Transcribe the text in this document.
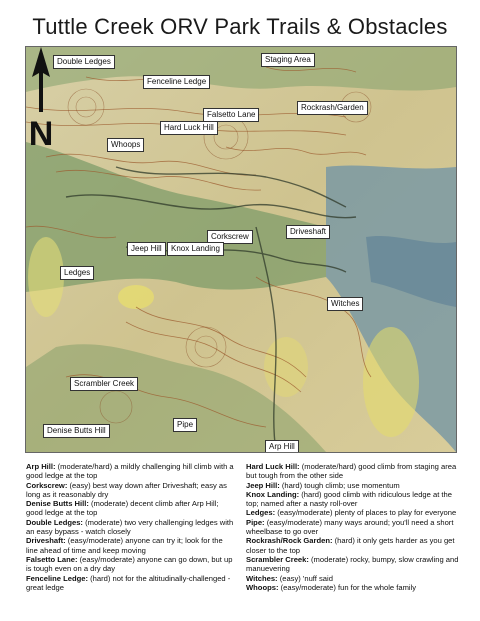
Tuttle Creek ORV Park Trails & Obstacles
N
Double Ledges	Staging Area
Fenceline Ledge
Falsetto Lane
Rockrash/Garden
Hard Luck Hill
Whoops
Corkscrew
Driveshaft
Jeep Hill	Knox Landing
Ledges
Witches
Scrambler Creek
Pipe
Denise Butts Hill
Arp Hill

Arp Hill: (moderate/hard) a mildly challenging hill climb with a good ledge at the top

Corkscrew: (easy) best way down after Driveshaft; easy as long as it reasonably dry

Denise Butts Hill: (moderate) decent climb after Arp Hill; good ledge at the top

Double Ledges: (moderate) two very challenging ledges with an easy bypass - watch closely

Driveshaft: (easy/moderate) anyone can try it; look for the line ahead of time and keep moving

Falsetto Lane: (easy/moderate) anyone can go down, but up is tough even on a dry day

Fenceline Ledge: (hard) not for the altitudinally-challenged - great ledge

Hard Luck Hill: (moderate/hard) good climb from staging area but tough from the other side

Jeep Hill: (hard) tough climb; use momentum

Knox Landing: (hard) good climb with ridiculous ledge at the top; named after a nasty roll-over

Ledges: (easy/moderate) plenty of places to play for everyone

Pipe: (easy/moderate) many ways around; you'll need a short wheelbase to go over

Rockrash/Rock Garden: (hard) it only gets harder as you get closer to the top

Scrambler Creek: (moderate) rocky, bumpy, slow crawling and manuevering

Witches: (easy) 'nuff said

Whoops: (easy/moderate) fun for the whole family
